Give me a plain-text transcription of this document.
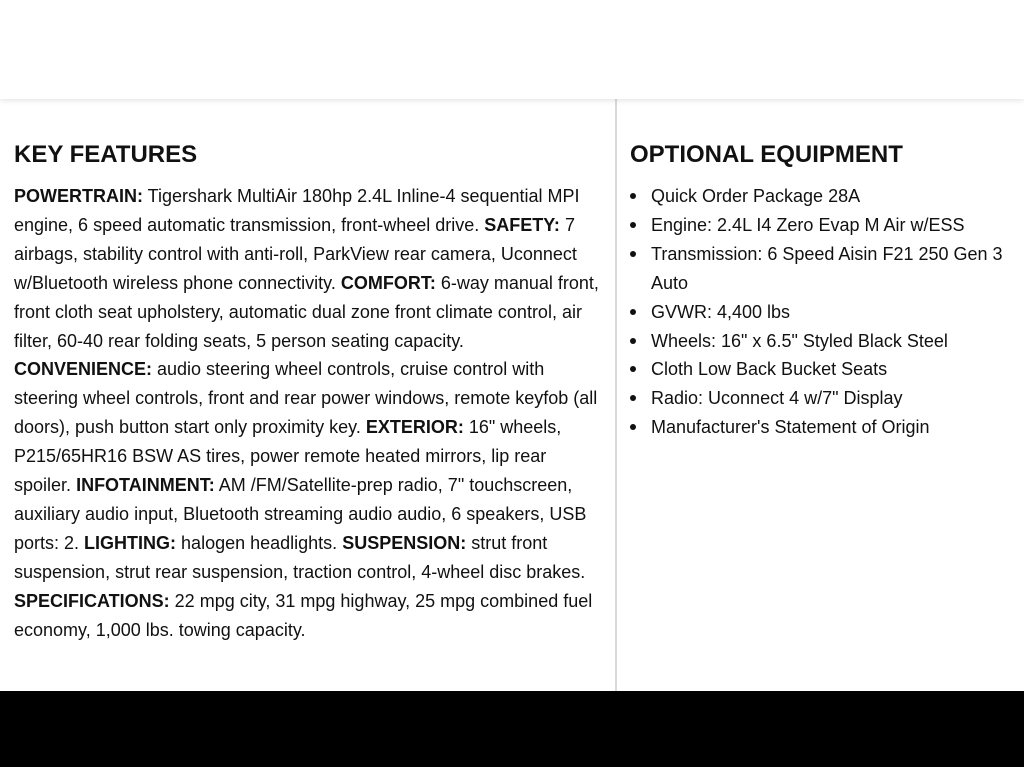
KEY FEATURES

POWERTRAIN: Tigershark MultiAir 180hp 2.4L Inline-4 sequential MPI engine, 6 speed automatic transmission, front-wheel drive. SAFETY: 7 airbags, stability control with anti-roll, ParkView rear camera, Uconnect w/Bluetooth wireless phone connectivity. COMFORT: 6-way manual front, front cloth seat upholstery, automatic dual zone front climate control, air filter, 60-40 rear folding seats, 5 person seating capacity. CONVENIENCE: audio steering wheel controls, cruise control with steering wheel controls, front and rear power windows, remote keyfob (all doors), push button start only proximity key. EXTERIOR: 16" wheels, P215/65HR16 BSW AS tires, power remote heated mirrors, lip rear spoiler. INFOTAINMENT: AM /FM/Satellite-prep radio, 7" touchscreen, auxiliary audio input, Bluetooth streaming audio audio, 6 speakers, USB ports: 2. LIGHTING: halogen headlights. SUSPENSION: strut front suspension, strut rear suspension, traction control, 4-wheel disc brakes. SPECIFICATIONS: 22 mpg city, 31 mpg highway, 25 mpg combined fuel economy, 1,000 lbs. towing capacity.

OPTIONAL EQUIPMENT
Quick Order Package 28A
Engine: 2.4L I4 Zero Evap M Air w/ESS
Transmission: 6 Speed Aisin F21 250 Gen 3 Auto
GVWR: 4,400 lbs
Wheels: 16" x 6.5" Styled Black Steel
Cloth Low Back Bucket Seats
Radio: Uconnect 4 w/7" Display
Manufacturer's Statement of Origin
